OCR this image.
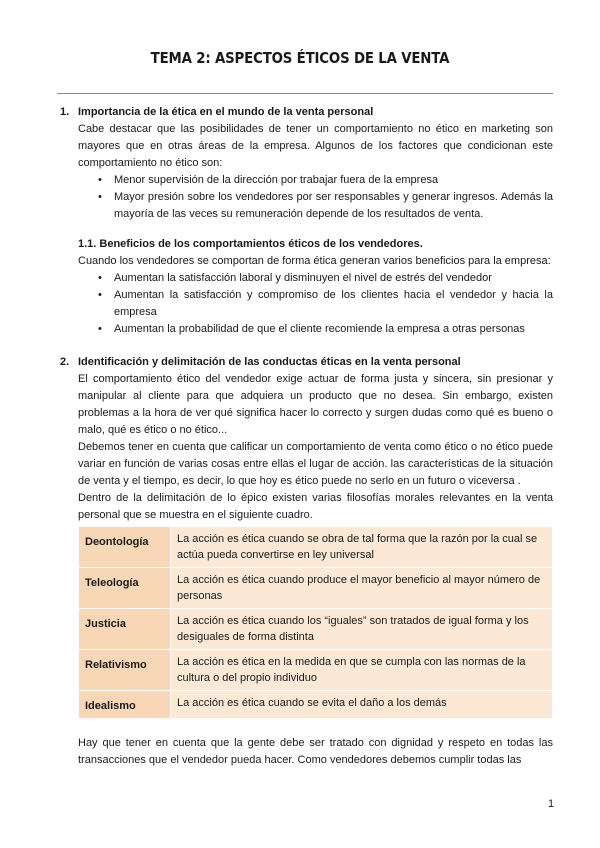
TEMA 2: ASPECTOS ÉTICOS DE LA VENTA
1. Importancia de la ética en el mundo de la venta personal

Cabe destacar que las posibilidades de tener un comportamiento no ético en marketing son mayores que en otras áreas de la empresa. Algunos de los factores que condicionan este comportamiento no ético son:

• Menor supervisión de la dirección por trabajar fuera de la empresa
• Mayor presión sobre los vendedores por ser responsables y generar ingresos. Además la mayoría de las veces su remuneración depende de los resultados de venta.

1.1. Beneficios de los comportamientos éticos de los vendedores.

Cuando los vendedores se comportan de forma ética generan varios beneficios para la empresa:

• Aumentan la satisfacción laboral y disminuyen el nivel de estrés del vendedor
• Aumentan la satisfacción y compromiso de los clientes hacia el vendedor y hacia la empresa
• Aumentan la probabilidad de que el cliente recomiende la empresa a otras personas
2. Identificación y delimitación de las conductas éticas en la venta personal

El comportamiento ético del vendedor exige actuar de forma justa y sincera, sin presionar y manipular al cliente para que adquiera un producto que no desea. Sin embargo, existen problemas a la hora de ver qué significa hacer lo correcto y surgen dudas como qué es bueno o malo, qué es ético o no ético...

Debemos tener en cuenta que calificar un comportamiento de venta como ético o no ético puede variar en función de varias cosas entre ellas el lugar de acción. las características de la situación de venta y el tiempo, es decir, lo que hoy es ético puede no serlo en un futuro o viceversa .

Dentro de la delimitación de lo épico existen varias filosofías morales relevantes en la venta personal que se muestra en el siguiente cuadro.

Deontología	La acción es ética cuando se obra de tal forma que la razón por la cual se actúa pueda convertirse en ley universal
Teleología	La acción es ética cuando produce el mayor beneficio al mayor número de personas
Justicia	La acción es ética cuando los “iguales” son tratados de igual forma y los desiguales de forma distinta
Relativismo	La acción es ética en la medida en que se cumpla con las normas de la cultura o del propio individuo
Idealismo	La acción es ética cuando se evita el daño a los demás

Hay que tener en cuenta que la gente debe ser tratado con dignidad y respeto en todas las transacciones que el vendedor pueda hacer. Como vendedores debemos cumplir todas las

1
